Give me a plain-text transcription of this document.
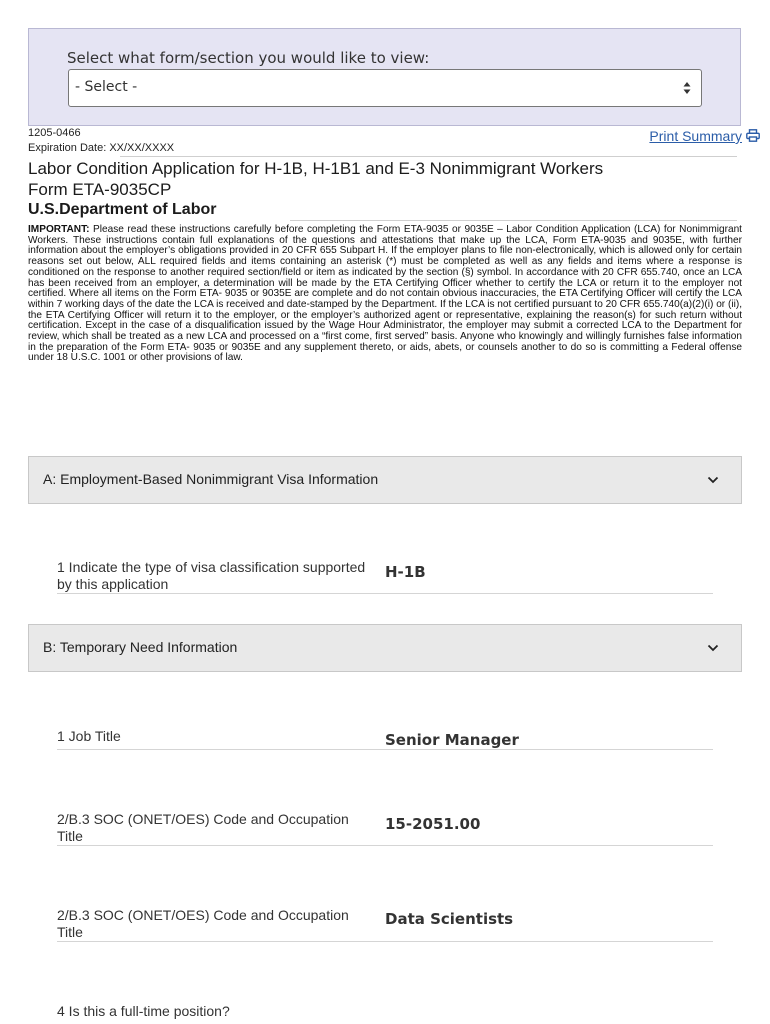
Select what form/section you would like to view:
- Select -
1205-0466
Expiration Date: XX/XX/XXXX
Print Summary
Labor Condition Application for H-1B, H-1B1 and E-3 Nonimmigrant Workers
Form ETA-9035CP
U.S.Department of Labor
IMPORTANT: Please read these instructions carefully before completing the Form ETA-9035 or 9035E – Labor Condition Application (LCA) for Nonimmigrant Workers. These instructions contain full explanations of the questions and attestations that make up the LCA, Form ETA-9035 and 9035E, with further information about the employer’s obligations provided in 20 CFR 655 Subpart H. If the employer plans to file non-electronically, which is allowed only for certain reasons set out below, ALL required fields and items containing an asterisk (*) must be completed as well as any fields and items where a response is conditioned on the response to another required section/field or item as indicated by the section (§) symbol. In accordance with 20 CFR 655.740, once an LCA has been received from an employer, a determination will be made by the ETA Certifying Officer whether to certify the LCA or return it to the employer not certified. Where all items on the Form ETA- 9035 or 9035E are complete and do not contain obvious inaccuracies, the ETA Certifying Officer will certify the LCA within 7 working days of the date the LCA is received and date-stamped by the Department. If the LCA is not certified pursuant to 20 CFR 655.740(a)(2)(i) or (ii), the ETA Certifying Officer will return it to the employer, or the employer’s authorized agent or representative, explaining the reason(s) for such return without certification. Except in the case of a disqualification issued by the Wage Hour Administrator, the employer may submit a corrected LCA to the Department for review, which shall be treated as a new LCA and processed on a “first come, first served” basis. Anyone who knowingly and willingly furnishes false information in the preparation of the Form ETA- 9035 or 9035E and any supplement thereto, or aids, abets, or counsels another to do so is committing a Federal offense under 18 U.S.C. 1001 or other provisions of law.
A: Employment-Based Nonimmigrant Visa Information
1 Indicate the type of visa classification supported by this application
H-1B
B: Temporary Need Information
1 Job Title	Senior Manager
2/B.3 SOC (ONET/OES) Code and Occupation Title
15-2051.00
2/B.3 SOC (ONET/OES) Code and Occupation Title
Data Scientists
4 Is this a full-time position?
